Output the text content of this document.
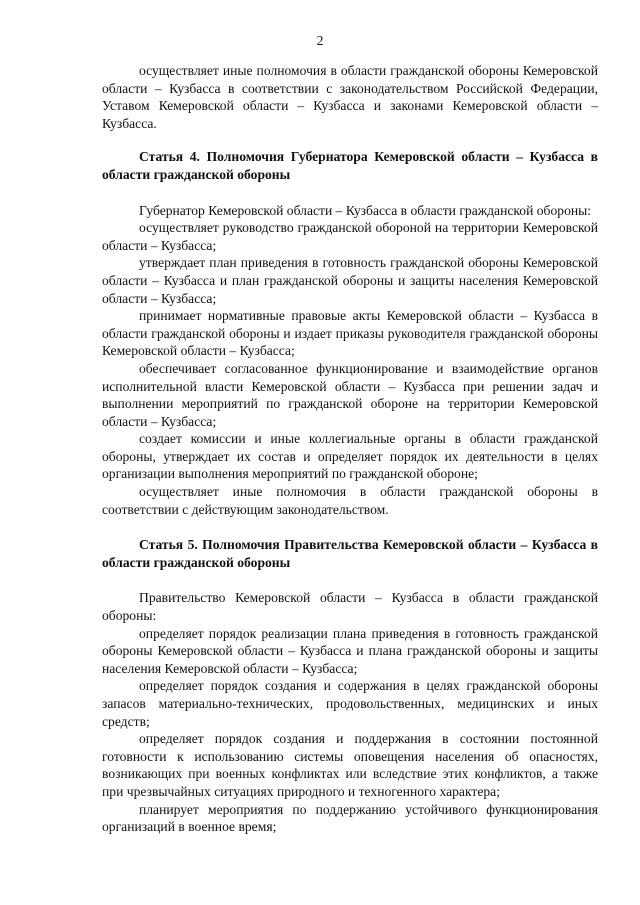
2

осуществляет иные полномочия в области гражданской обороны Кемеровской области – Кузбасса в соответствии с законодательством Российской Федерации, Уставом Кемеровской области – Кузбасса и законами Кемеровской области – Кузбасса.

Статья 4. Полномочия Губернатора Кемеровской области – Кузбасса в области гражданской обороны

Губернатор Кемеровской области – Кузбасса в области гражданской обороны:

осуществляет руководство гражданской обороной на территории Кемеровской области – Кузбасса;

утверждает план приведения в готовность гражданской обороны Кемеровской области – Кузбасса и план гражданской обороны и защиты населения Кемеровской области – Кузбасса;

принимает нормативные правовые акты Кемеровской области – Кузбасса в области гражданской обороны и издает приказы руководителя гражданской обороны Кемеровской области – Кузбасса;

обеспечивает согласованное функционирование и взаимодействие органов исполнительной власти Кемеровской области – Кузбасса при решении задач и выполнении мероприятий по гражданской обороне на территории Кемеровской области – Кузбасса;

создает комиссии и иные коллегиальные органы в области гражданской обороны, утверждает их состав и определяет порядок их деятельности в целях организации выполнения мероприятий по гражданской обороне;

осуществляет иные полномочия в области гражданской обороны в соответствии с действующим законодательством.

Статья 5. Полномочия Правительства Кемеровской области – Кузбасса в области гражданской обороны

Правительство Кемеровской области – Кузбасса в области гражданской обороны:

определяет порядок реализации плана приведения в готовность гражданской обороны Кемеровской области – Кузбасса и плана гражданской обороны и защиты населения Кемеровской области – Кузбасса;

определяет порядок создания и содержания в целях гражданской обороны запасов материально-технических, продовольственных, медицинских и иных средств;

определяет порядок создания и поддержания в состоянии постоянной готовности к использованию системы оповещения населения об опасностях, возникающих при военных конфликтах или вследствие этих конфликтов, а также при чрезвычайных ситуациях природного и техногенного характера;

планирует мероприятия по поддержанию устойчивого функционирования организаций в военное время;
